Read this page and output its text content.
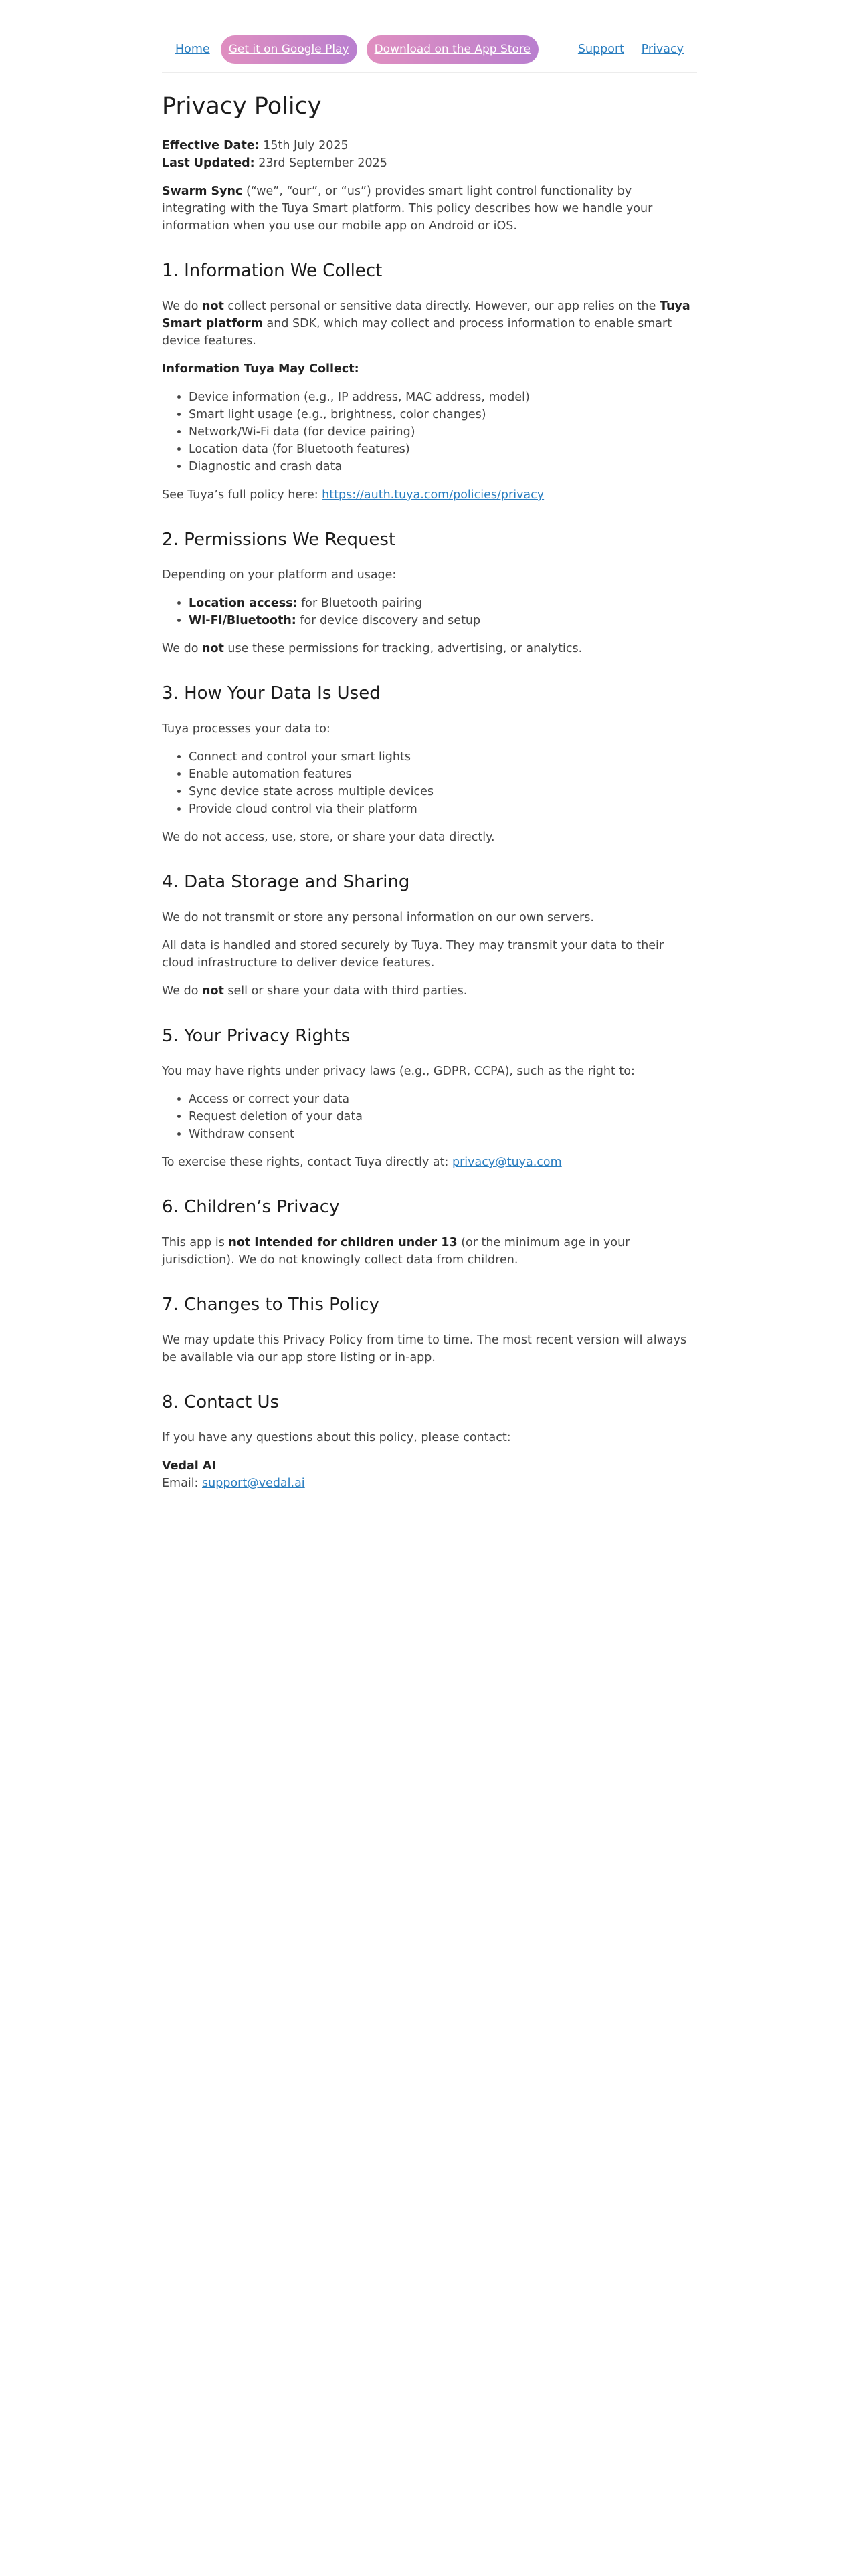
Home	Get it on Google Play	Download on the App Store	Support Privacy
Privacy Policy
Effective Date: 15th July 2025
Last Updated: 23rd September 2025

Swarm Sync (“we”, “our”, or “us”) provides smart light control functionality by integrating with the Tuya Smart platform. This policy describes how we handle your information when you use our mobile app on Android or iOS.

1. Information We Collect

We do not collect personal or sensitive data directly. However, our app relies on the Tuya Smart platform and SDK, which may collect and process information to enable smart device features.

Information Tuya May Collect:

• Device information (e.g., IP address, MAC address, model)
• Smart light usage (e.g., brightness, color changes)
• Network/Wi-Fi data (for device pairing)
• Location data (for Bluetooth features)
• Diagnostic and crash data

See Tuya’s full policy here: https://auth.tuya.com/policies/privacy

2. Permissions We Request

Depending on your platform and usage:

• Location access: for Bluetooth pairing
• Wi-Fi/Bluetooth: for device discovery and setup

We do not use these permissions for tracking, advertising, or analytics.

3. How Your Data Is Used

Tuya processes your data to:

• Connect and control your smart lights
• Enable automation features
• Sync device state across multiple devices
• Provide cloud control via their platform

We do not access, use, store, or share your data directly.

4. Data Storage and Sharing

We do not transmit or store any personal information on our own servers.

All data is handled and stored securely by Tuya. They may transmit your data to their cloud infrastructure to deliver device features.

We do not sell or share your data with third parties.

5. Your Privacy Rights

You may have rights under privacy laws (e.g., GDPR, CCPA), such as the right to:

• Access or correct your data
• Request deletion of your data
• Withdraw consent

To exercise these rights, contact Tuya directly at: privacy@tuya.com

6. Children’s Privacy

This app is not intended for children under 13 (or the minimum age in your jurisdiction). We do not knowingly collect data from children.

7. Changes to This Policy

We may update this Privacy Policy from time to time. The most recent version will always be available via our app store listing or in-app.

8. Contact Us

If you have any questions about this policy, please contact:

Vedal AI
Email: support@vedal.ai
